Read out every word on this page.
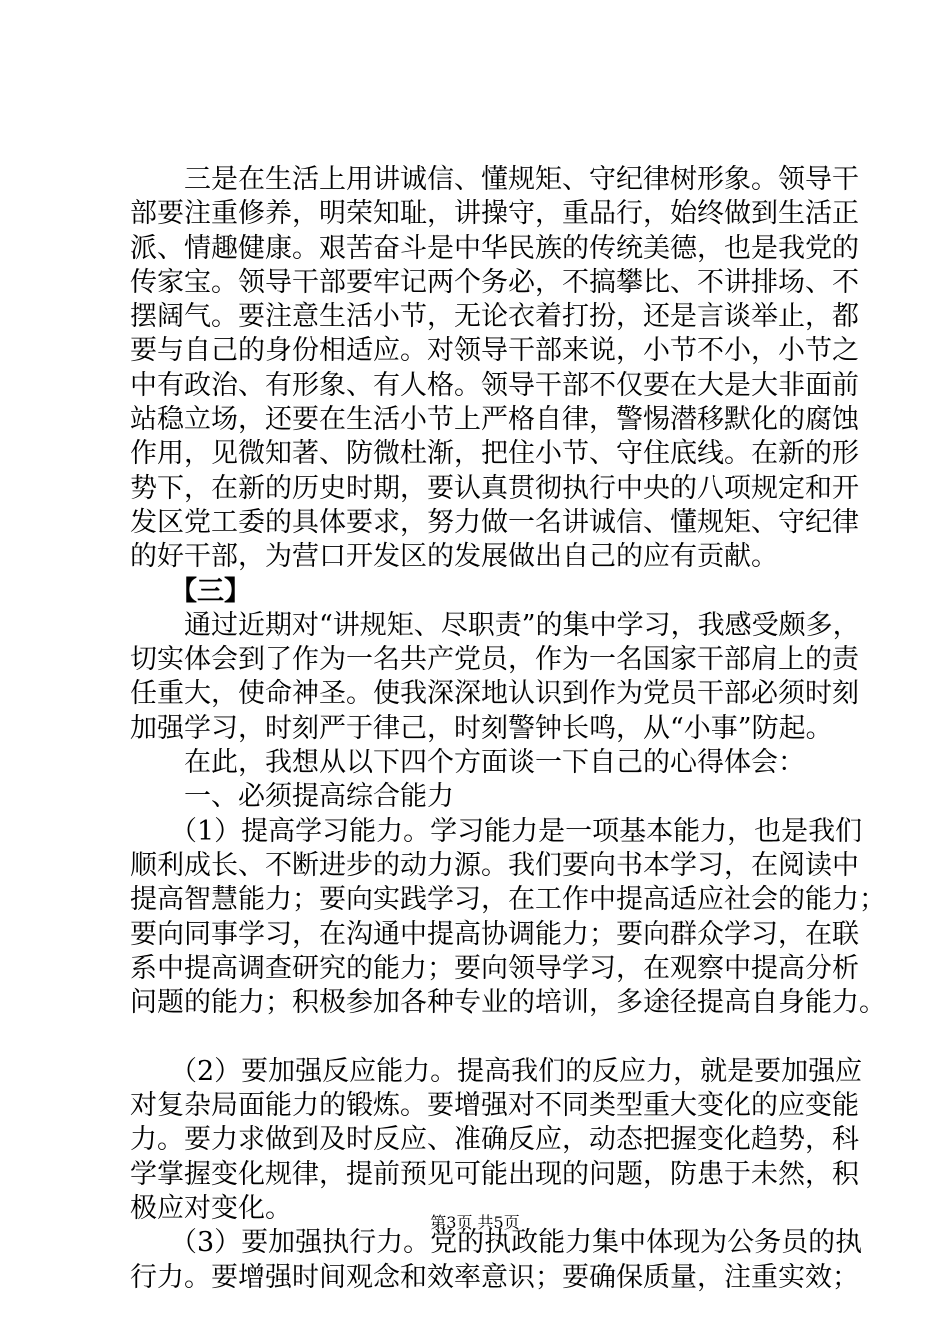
三是在生活上用讲诚信、懂规矩、守纪律树形象。领导干
部要注重修养，明荣知耻，讲操守，重品行，始终做到生活正
派、情趣健康。艰苦奋斗是中华民族的传统美德，也是我党的
传家宝。领导干部要牢记两个务必，不搞攀比、不讲排场、不
摆阔气。要注意生活小节，无论衣着打扮，还是言谈举止，都
要与自己的身份相适应。对领导干部来说，小节不小，小节之
中有政治、有形象、有人格。领导干部不仅要在大是大非面前
站稳立场，还要在生活小节上严格自律，警惕潜移默化的腐蚀
作用，见微知著、防微杜渐，把住小节、守住底线。在新的形
势下，在新的历史时期，要认真贯彻执行中央的八项规定和开
发区党工委的具体要求，努力做一名讲诚信、懂规矩、守纪律
的好干部，为营口开发区的发展做出自己的应有贡献。
【三】
通过近期对“讲规矩、尽职责”的集中学习，我感受颇多，
切实体会到了作为一名共产党员，作为一名国家干部肩上的责
任重大，使命神圣。使我深深地认识到作为党员干部必须时刻
加强学习，时刻严于律己，时刻警钟长鸣，从“小事”防起。
在此，我想从以下四个方面谈一下自己的心得体会：
一、必须提高综合能力
（1）提高学习能力。学习能力是一项基本能力，也是我们
顺利成长、不断进步的动力源。我们要向书本学习，在阅读中
提高智慧能力；要向实践学习，在工作中提高适应社会的能力；
要向同事学习，在沟通中提高协调能力；要向群众学习，在联
系中提高调查研究的能力；要向领导学习，在观察中提高分析
问题的能力；积极参加各种专业的培训，多途径提高自身能力。
（2）要加强反应能力。提高我们的反应力，就是要加强应
对复杂局面能力的锻炼。要增强对不同类型重大变化的应变能
力。要力求做到及时反应、准确反应，动态把握变化趋势，科
学掌握变化规律，提前预见可能出现的问题，防患于未然，积
极应对变化。
（3）要加强执行力。党的执政能力集中体现为公务员的执
行力。要增强时间观念和效率意识；要确保质量，注重实效；
第3页 共5页
